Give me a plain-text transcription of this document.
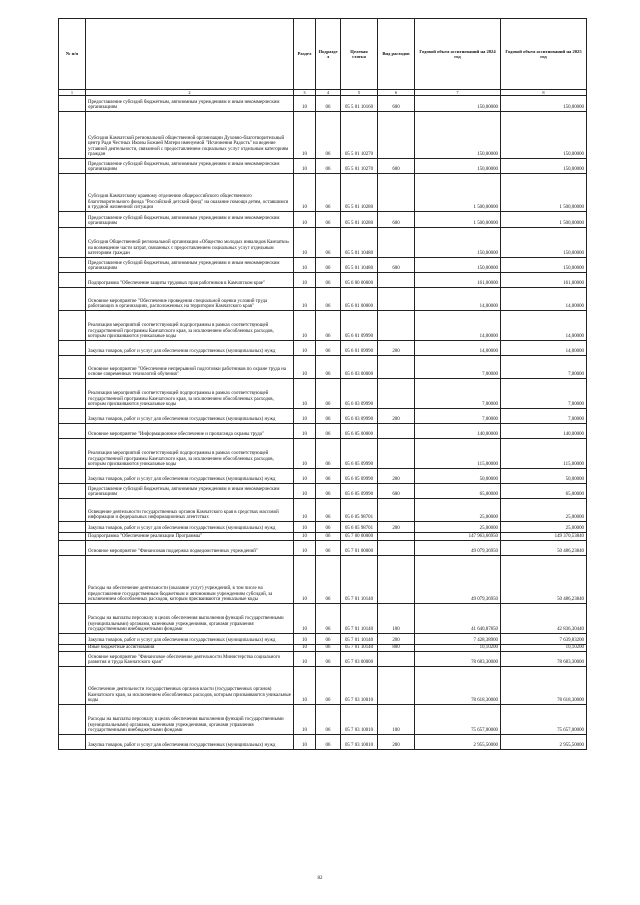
№ п/п		Раздел	Подраздел	Целевая статья	Вид расходов	Годовой объем ассигнований на 2024 год	Годовой объем ассигнований на 2025 год
1	2	3	4	5	6	7	8
	Предоставление субсидий бюджетным, автономным учреждениям и иным некоммерческим организациям	10	06	05 5 01 10160	600	150,00000	150,00000
	Субсидия Камчатской региональной общественной организации Духовно-благотворительный центр Ради Честных Иконы Божией Матери именуемой "Исчезнения Радость" на ведение уставной деятельности, связанной с предоставлением социальных услуг отдельным категориям граждан	10	06	05 5 01 10270		150,00000	150,00000
	Предоставление субсидий бюджетным, автономным учреждениям и иным некоммерческим организациям	10	06	05 5 01 10270	600	150,00000	150,00000
	Субсидия Камчатскому краевому отделению общероссийского общественного благотворительного фонда "Российский детский фонд" на оказание помощи детям, оставшимся в трудной жизненной ситуации	10	06	05 5 01 10280		1 500,00000	1 500,00000
	Предоставление субсидий бюджетным, автономным учреждениям и иным некоммерческим организациям	10	06	05 5 01 10280	600	1 500,00000	1 500,00000
	Субсидия Общественной региональной организации «Общество молодых инвалидов Камчатки» на возмещение части затрат, связанных с предоставлением социальных услуг отдельным категориям граждан	10	06	05 5 01 10480		150,00000	150,00000
	Предоставление субсидий бюджетным, автономным учреждениям и иным некоммерческим организациям	10	06	05 5 01 10480	600	150,00000	150,00000
	Подпрограмма "Обеспечение защиты трудовых прав работников в Камчатском крае"	10	06	05 6 00 00000		161,00000	161,00000
	Основное мероприятие "Обеспечение проведения специальной оценки условий труда работающих в организациях, расположенных на территории Камчатского края"	10	06	05 6 01 00000		14,00000	14,00000
	Реализация мероприятий соответствующей подпрограммы в рамках соответствующей государственной программы Камчатского края, за исключением обособленных расходов, которым присваиваются уникальные коды	10	06	05 6 01 09990		14,00000	14,00000
	Закупка товаров, работ и услуг для обеспечения государственных (муниципальных) нужд	10	06	05 6 01 09990	200	14,00000	14,00000
	Основное мероприятие "Обеспечение непрерывной подготовки работников по охране труда на основе современных технологий обучения"	10	06	05 6 03 00000		7,00000	7,00000
	Реализация мероприятий соответствующей подпрограммы в рамках соответствующей государственной программы Камчатского края, за исключением обособленных расходов, которым присваиваются уникальные коды	10	06	05 6 03 09990		7,00000	7,00000
	Закупка товаров, работ и услуг для обеспечения государственных (муниципальных) нужд	10	06	05 6 03 09990	200	7,00000	7,00000
	Основное мероприятие "Информационное обеспечение и пропаганда охраны труда"	10	06	05 6 05 00000		140,00000	140,00000
	Реализация мероприятий соответствующей подпрограммы в рамках соответствующей государственной программы Камчатского края, за исключением обособленных расходов, которым присваиваются уникальные коды	10	06	05 6 05 09990		115,00000	115,00000
	Закупка товаров, работ и услуг для обеспечения государственных (муниципальных) нужд	10	06	05 6 05 09990	200	50,00000	50,00000
	Предоставление субсидий бюджетным, автономным учреждениям и иным некоммерческим организациям	10	06	05 6 05 09990	600	65,00000	65,00000
	Освещение деятельности государственных органов Камчатского края в средствах массовой информации и федеральных информационных агентствах	10	06	05 6 05 98701		25,00000	25,00000
	Закупка товаров, работ и услуг для обеспечения государственных (муниципальных) нужд	10	06	05 6 05 98701	200	25,00000	25,00000
	Подпрограмма "Обеспечение реализации Программы"	10	06	05 7 00 00000		147 963,66950	149 370,53840
	Основное мероприятие "Финансовая поддержка подведомственных учреждений"	10	06	05 7 01 00000		49 079,36950	50 486,23840
	Расходы на обеспечение деятельности (оказание услуг) учреждений, в том числе на предоставление государственным бюджетным и автономным учреждениям субсидий, за исключением обособленных расходов, которым присваиваются уникальные коды	10	06	05 7 01 10140		49 079,36950	50 486,23840
	Расходы на выплаты персоналу в целях обеспечения выполнения функций государственными (муниципальными) органами, казенными учреждениями, органами управления государственными внебюджетными фондами	10	06	05 7 01 10140	100	41 640,87850	42 836,30440
	Закупка товаров, работ и услуг для обеспечения государственных (муниципальных) нужд	10	06	05 7 01 10140	200	7 428,38900	7 639,83200
	Иные бюджетные ассигнования	10	06	05 7 01 10140	800	10,10200	10,10200
	Основное мероприятие "Финансовое обеспечение деятельности Министерства социального развития и труда Камчатского края"	10	06	05 7 03 00000		78 683,30000	78 683,30000
	Обеспечение деятельности государственных органов власти (государственных органов) Камчатского края, за исключением обособленных расходов, которым присваиваются уникальные коды	10	06	05 7 03 10010		78 618,30000	78 618,30000
	Расходы на выплаты персоналу в целях обеспечения выполнения функций государственными (муниципальными) органами, казенными учреждениями, органами управления государственными внебюджетными фондами	10	06	05 7 03 10010	100	75 657,00000	75 657,00000
	Закупка товаров, работ и услуг для обеспечения государственных (муниципальных) нужд	10	06	05 7 03 10010	200	2 955,50000	2 955,50000
82
